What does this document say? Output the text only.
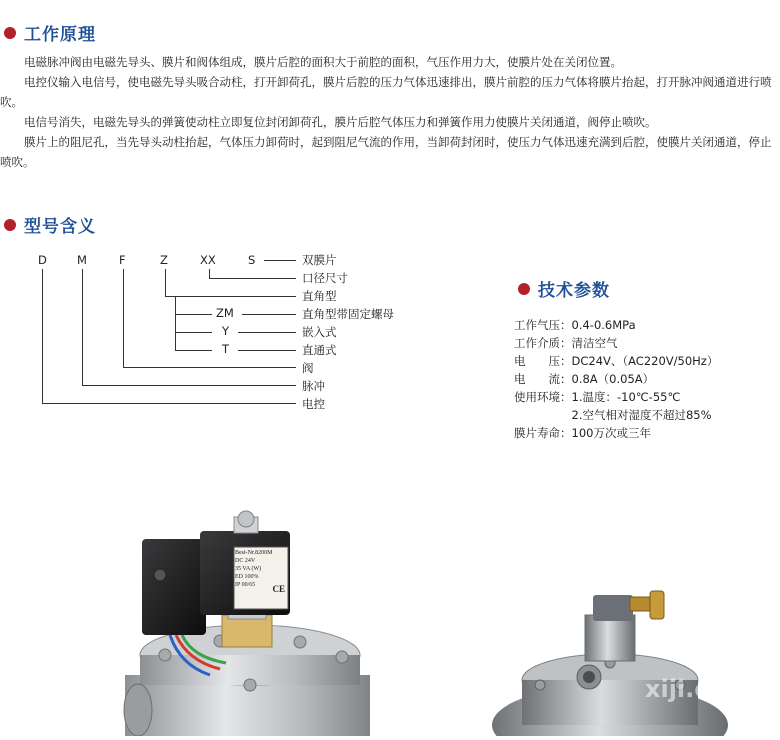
工作原理

电磁脉冲阀由电磁先导头、膜片和阀体组成，膜片后腔的面积大于前腔的面积，气压作用力大，使膜片处在关闭位置。

电控仪输入电信号，使电磁先导头吸合动柱，打开卸荷孔，膜片后腔的压力气体迅速排出，膜片前腔的压力气体将膜片抬起，打开脉冲阀通道进行喷吹。

电信号消失，电磁先导头的弹簧使动柱立即复位封闭卸荷孔，膜片后腔气体压力和弹簧作用力使膜片关闭通道，阀停止喷吹。

膜片上的阻尼孔，当先导头动柱抬起，气体压力卸荷时，起到阻尼气流的作用，当卸荷封闭时，使压力气体迅速充满到后腔，使膜片关闭通道，停止喷吹。

型号含义
D	M	F	Z	XX	S
ZM
Y
T
双膜片
口径尺寸
直角型
直角型带固定螺母
嵌入式
直通式
阀
脉冲
电控
技术参数
工作气压：0.4-0.6MPa
工作介质：清洁空气
电　　压：DC24V、（AC220V/50Hz）
电　　流：0.8A（0.05A）
使用环境：1.温度：-10℃-55℃
　　　　　2.空气相对湿度不超过85%
膜片寿命：100万次或三年
Best-Nr.8200M
DC 24V
35 VA (W)
ED 100%
IP 00/65	CE
xiji.com
